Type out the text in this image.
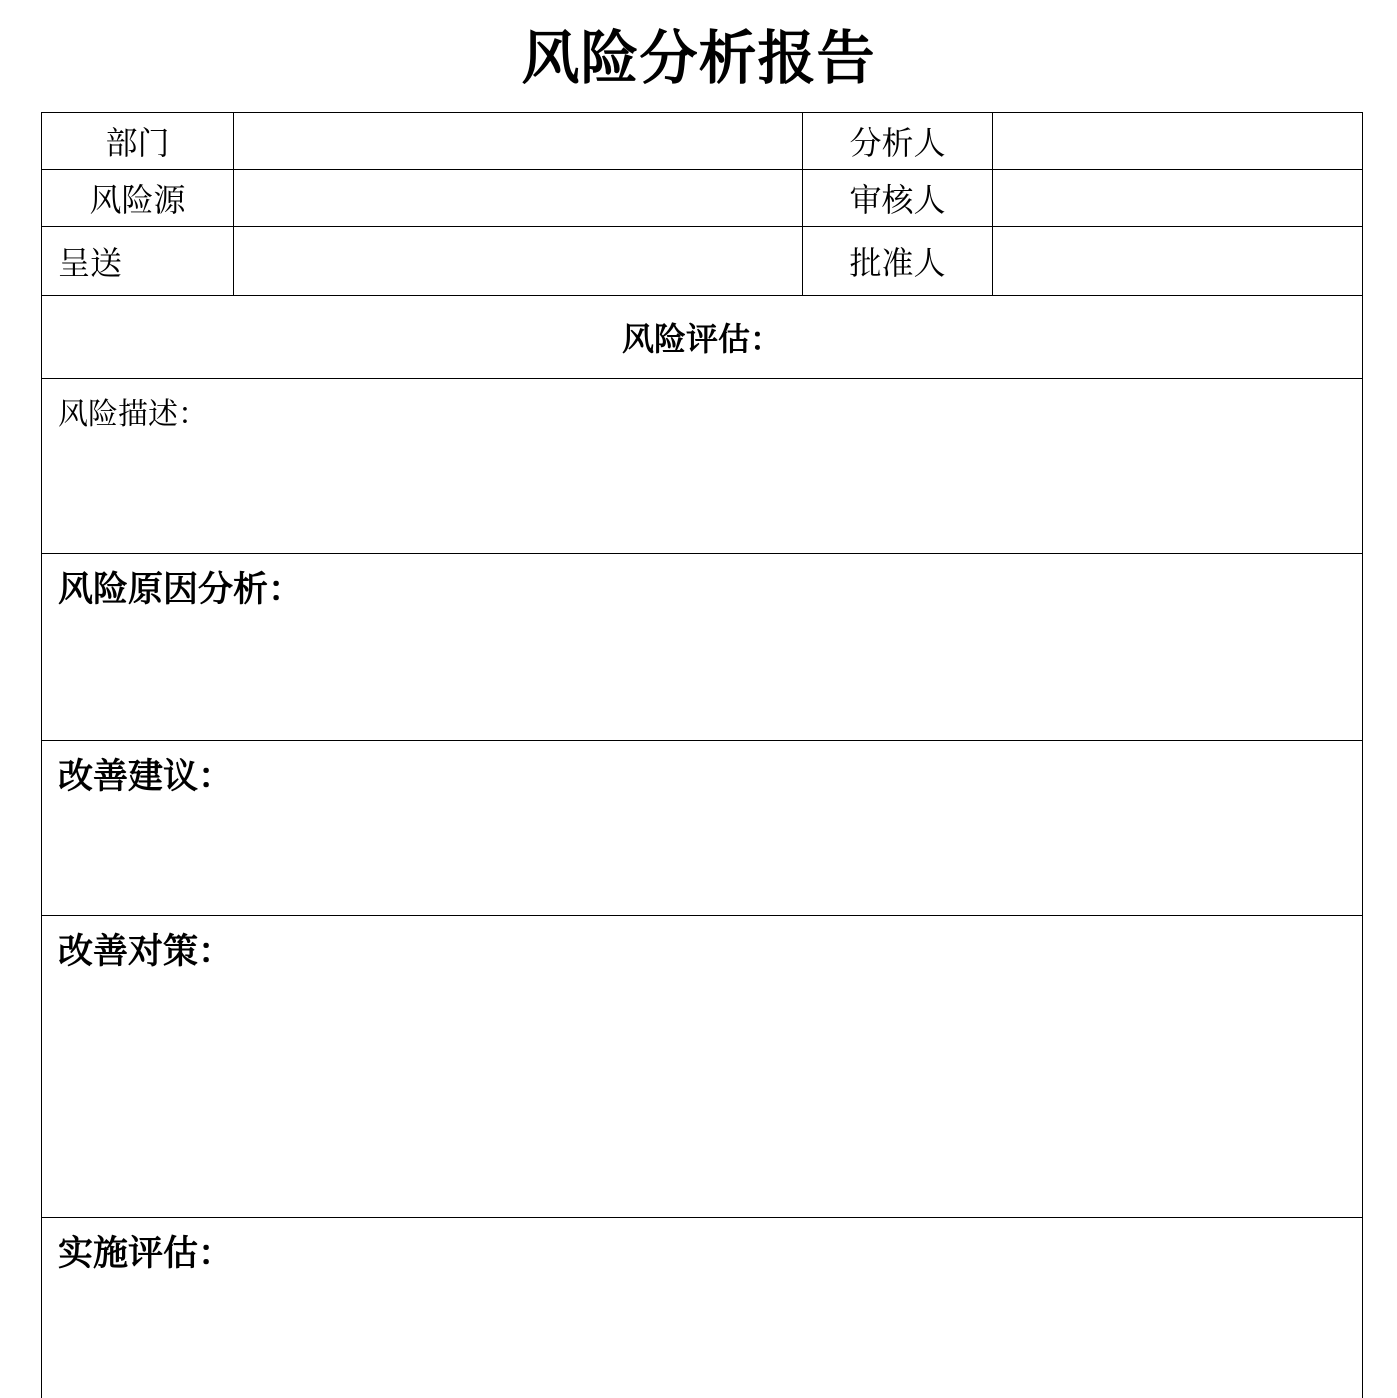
风险分析报告
部门		分析人	
风险源		审核人	
呈送		批准人	
风险评估：			

风险描述：			

风险原因分析：			

改善建议：			

改善对策：			

实施评估：			
